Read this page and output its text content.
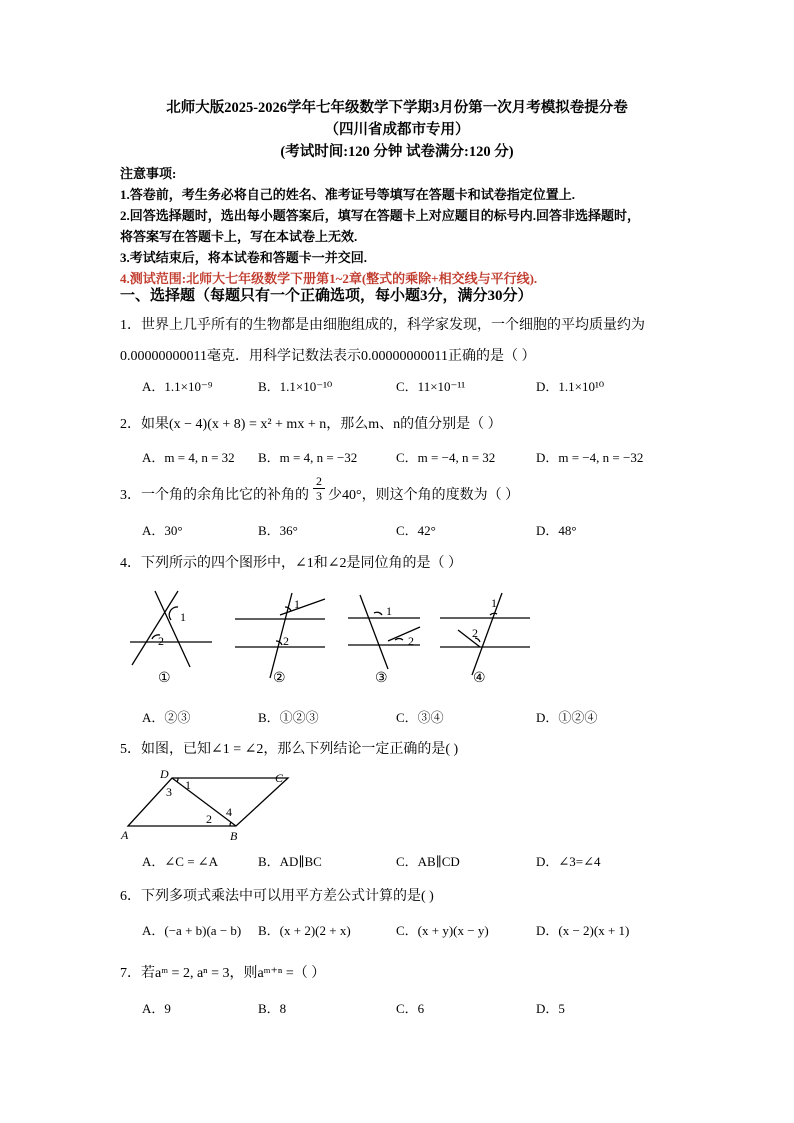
北师大版2025-2026学年七年级数学下学期3月份第一次月考模拟卷提分卷
（四川省成都市专用）
(考试时间:120 分钟 试卷满分:120 分)
注意事项:
1.答卷前，考生务必将自己的姓名、准考证号等填写在答题卡和试卷指定位置上.
2.回答选择题时，选出每小题答案后，填写在答题卡上对应题目的标号内.回答非选择题时，
将答案写在答题卡上，写在本试卷上无效.
3.考试结束后，将本试卷和答题卡一并交回.
4.测试范围:北师大七年级数学下册第1~2章(整式的乘除+相交线与平行线).
一、选择题（每题只有一个正确选项，每小题3分，满分30分）
1．世界上几乎所有的生物都是由细胞组成的，科学家发现，一个细胞的平均质量约为
0.00000000011毫克．用科学记数法表示0.00000000011正确的是（ ）
A．1.1×10⁻⁹	B．1.1×10⁻¹⁰	C．11×10⁻¹¹	D．1.1×10¹⁰
2．如果(x − 4)(x + 8) = x² + mx + n，那么m、n的值分别是（ ）
A．m = 4, n = 32 B．m = 4, n = −32	C．m = −4, n = 32	D．m = −4, n = −32
3．一个角的余角比它的补角的 $\frac{2}{3}$ 少40°，则这个角的度数为（ ）
A．30°	B．36°	C．42°	D．48°
4．下列所示的四个图形中，∠1和∠2是同位角的是（ ）
1
2
1
2
1
2
1
2
①	②	③	④
A．②③	B．①②③	C．③④	D．①②④
5．如图，已知∠1 = ∠2，那么下列结论一定正确的是( )
D	C
A	B
1
2
3
4
A．∠C = ∠A	B．AD∥BC	C．AB∥CD	D．∠3=∠4
6．下列多项式乘法中可以用平方差公式计算的是( )
A．(−a + b)(a − b) B．(x + 2)(2 + x)	C．(x + y)(x − y)	D．(x − 2)(x + 1)
7．若aᵐ = 2, aⁿ = 3，则aᵐ⁺ⁿ =（ ）
A．9	B．8	C．6	D．5
